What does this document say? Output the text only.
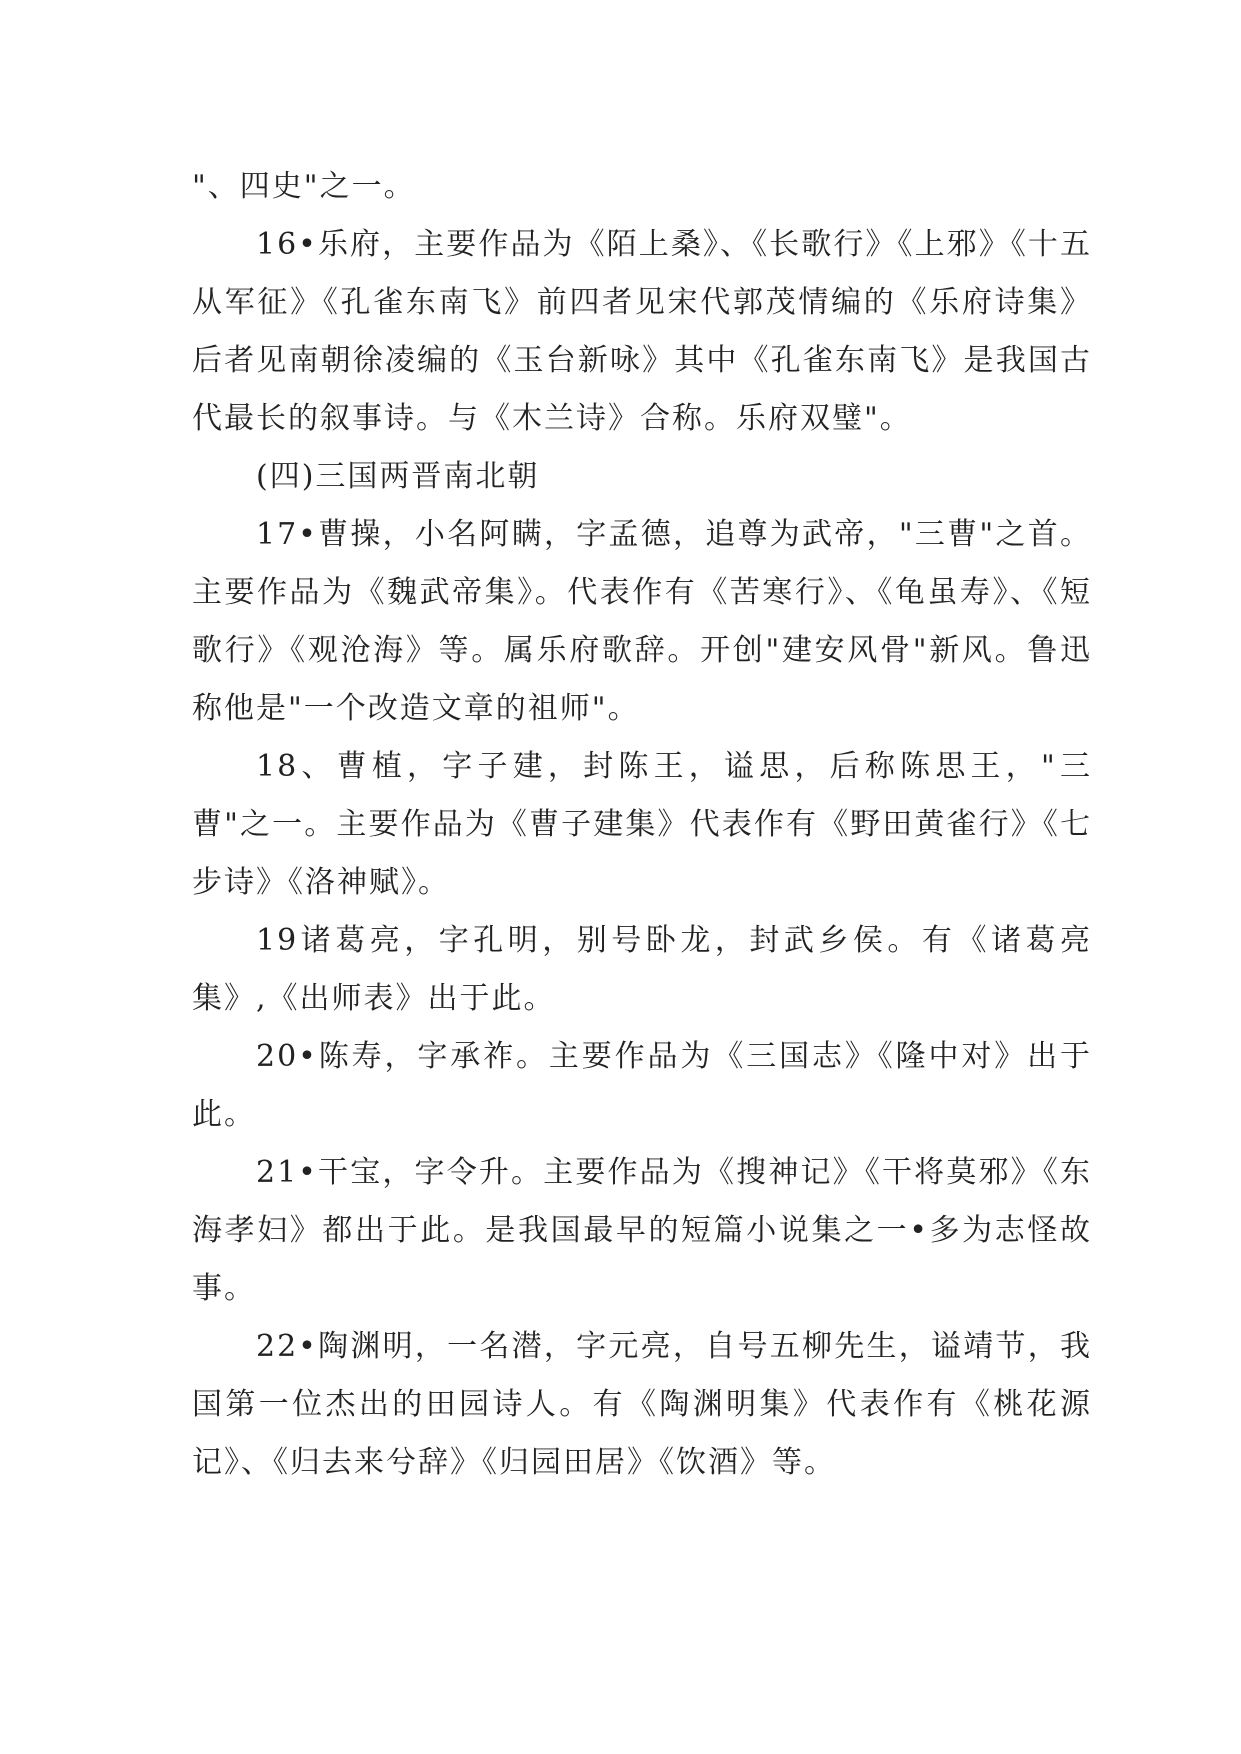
"、四史"之一。

16•乐府，主要作品为《陌上桑》、《长歌行》《上邪》《十五从军征》《孔雀东南飞》前四者见宋代郭茂情编的《乐府诗集》后者见南朝徐凌编的《玉台新咏》其中《孔雀东南飞》是我国古代最长的叙事诗。与《木兰诗》合称。乐府双璧"。

(四)三国两晋南北朝

17•曹操，小名阿瞒，字孟德，追尊为武帝，"三曹"之首。主要作品为《魏武帝集》。代表作有《苦寒行》、《龟虽寿》、《短歌行》《观沧海》等。属乐府歌辞。开创"建安风骨"新风。鲁迅称他是"一个改造文章的祖师"。

18、曹植，字子建，封陈王，谥思，后称陈思王，"三曹"之一。主要作品为《曹子建集》代表作有《野田黄雀行》《七步诗》《洛神赋》。

19诸葛亮，字孔明，别号卧龙，封武乡侯。有《诸葛亮集》,《出师表》出于此。

20•陈寿，字承祚。主要作品为《三国志》《隆中对》出于此。

21•干宝，字令升。主要作品为《搜神记》《干将莫邪》《东海孝妇》都出于此。是我国最早的短篇小说集之一•多为志怪故事。

22•陶渊明，一名潜，字元亮，自号五柳先生，谥靖节，我国第一位杰出的田园诗人。有《陶渊明集》代表作有《桃花源记》、《归去来兮辞》《归园田居》《饮酒》等。
